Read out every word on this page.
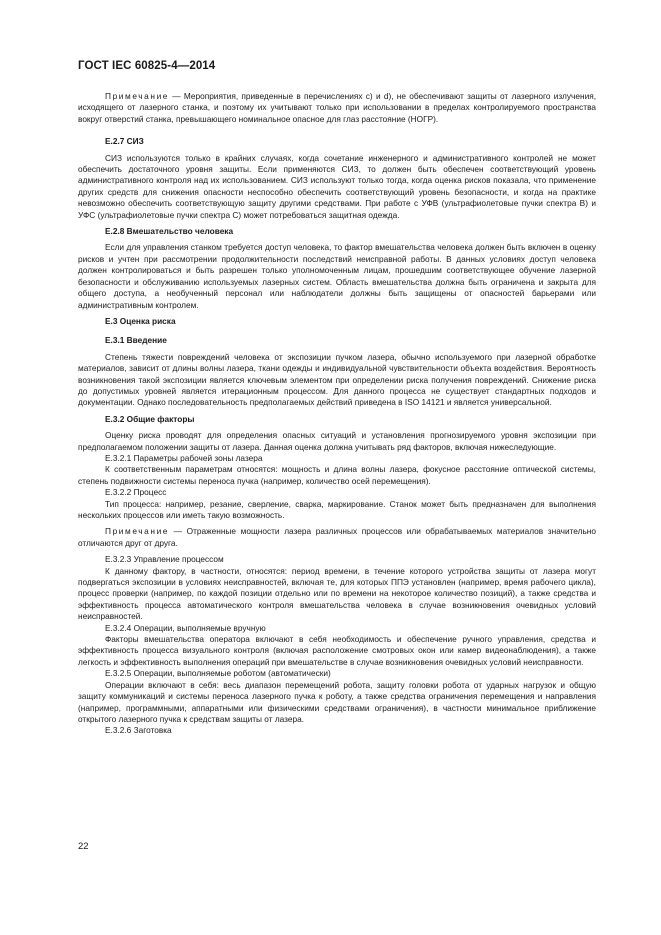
ГОСТ IEC 60825-4—2014

Примечание — Мероприятия, приведенные в перечислениях с) и d), не обеспечивают защиты от лазерного излучения, исходящего от лазерного станка, и поэтому их учитывают только при использовании в пределах контролируемого пространства вокруг отверстий станка, превышающего номинальное опасное для глаз расстояние (НОГР).

E.2.7 СИЗ

СИЗ используются только в крайних случаях, когда сочетание инженерного и административного контролей не может обеспечить достаточного уровня защиты. Если применяются СИЗ, то должен быть обеспечен соответствующий уровень административного контроля над их использованием. СИЗ используют только тогда, когда оценка рисков показала, что применение других средств для снижения опасности неспособно обеспечить соответствующий уровень безопасности, и когда на практике невозможно обеспечить соответствующую защиту другими средствами. При работе с УФВ (ультрафиолетовые пучки спектра В) и УФС (ультрафиолетовые пучки спектра С) может потребоваться защитная одежда.

E.2.8 Вмешательство человека

Если для управления станком требуется доступ человека, то фактор вмешательства человека должен быть включен в оценку рисков и учтен при рассмотрении продолжительности последствий неисправной работы. В данных условиях доступ человека должен контролироваться и быть разрешен только уполномоченным лицам, прошедшим соответствующее обучение лазерной безопасности и обслуживанию используемых лазерных систем. Область вмешательства должна быть ограничена и закрыта для общего доступа, а необученный персонал или наблюдатели должны быть защищены от опасностей барьерами или административным контролем.

E.3 Оценка риска

E.3.1 Введение

Степень тяжести повреждений человека от экспозиции пучком лазера, обычно используемого при лазерной обработке материалов, зависит от длины волны лазера, ткани одежды и индивидуальной чувствительности объекта воздействия. Вероятность возникновения такой экспозиции является ключевым элементом при определении риска получения повреждений. Снижение риска до допустимых уровней является итерационным процессом. Для данного процесса не существует стандартных подходов и документации. Однако последовательность предполагаемых действий приведена в ISO 14121 и является универсальной.

E.3.2 Общие факторы

Оценку риска проводят для определения опасных ситуаций и установления прогнозируемого уровня экспозиции при предполагаемом положении защиты от лазера. Данная оценка должна учитывать ряд факторов, включая нижеследующие.

E.3.2.1 Параметры рабочей зоны лазера

К соответственным параметрам относятся: мощность и длина волны лазера, фокусное расстояние оптической системы, степень подвижности системы переноса пучка (например, количество осей перемещения).

E.3.2.2 Процесс

Тип процесса: например, резание, сверление, сварка, маркирование. Станок может быть предназначен для выполнения нескольких процессов или иметь такую возможность.

Примечание — Отраженные мощности лазера различных процессов или обрабатываемых материалов значительно отличаются друг от друга.

E.3.2.3 Управление процессом

К данному фактору, в частности, относятся: период времени, в течение которого устройства защиты от лазера могут подвергаться экспозиции в условиях неисправностей, включая те, для которых ППЭ установлен (например, время рабочего цикла), процесс проверки (например, по каждой позиции отдельно или по времени на некоторое количество позиций), а также средства и эффективность процесса автоматического контроля вмешательства человека в случае возникновения очевидных условий неисправностей.

E.3.2.4 Операции, выполняемые вручную

Факторы вмешательства оператора включают в себя необходимость и обеспечение ручного управления, средства и эффективность процесса визуального контроля (включая расположение смотровых окон или камер видеонаблюдения), а также легкость и эффективность выполнения операций при вмешательстве в случае возникновения очевидных условий неисправности.

E.3.2.5 Операции, выполняемые роботом (автоматически)

Операции включают в себя: весь диапазон перемещений робота, защиту головки робота от ударных нагрузок и общую защиту коммуникаций и системы переноса лазерного пучка к роботу, а также средства ограничения перемещения и направления (например, программными, аппаратными или физическими средствами ограничения), в частности минимальное приближение открытого лазерного пучка к средствам защиты от лазера.

E.3.2.6 Заготовка

22
